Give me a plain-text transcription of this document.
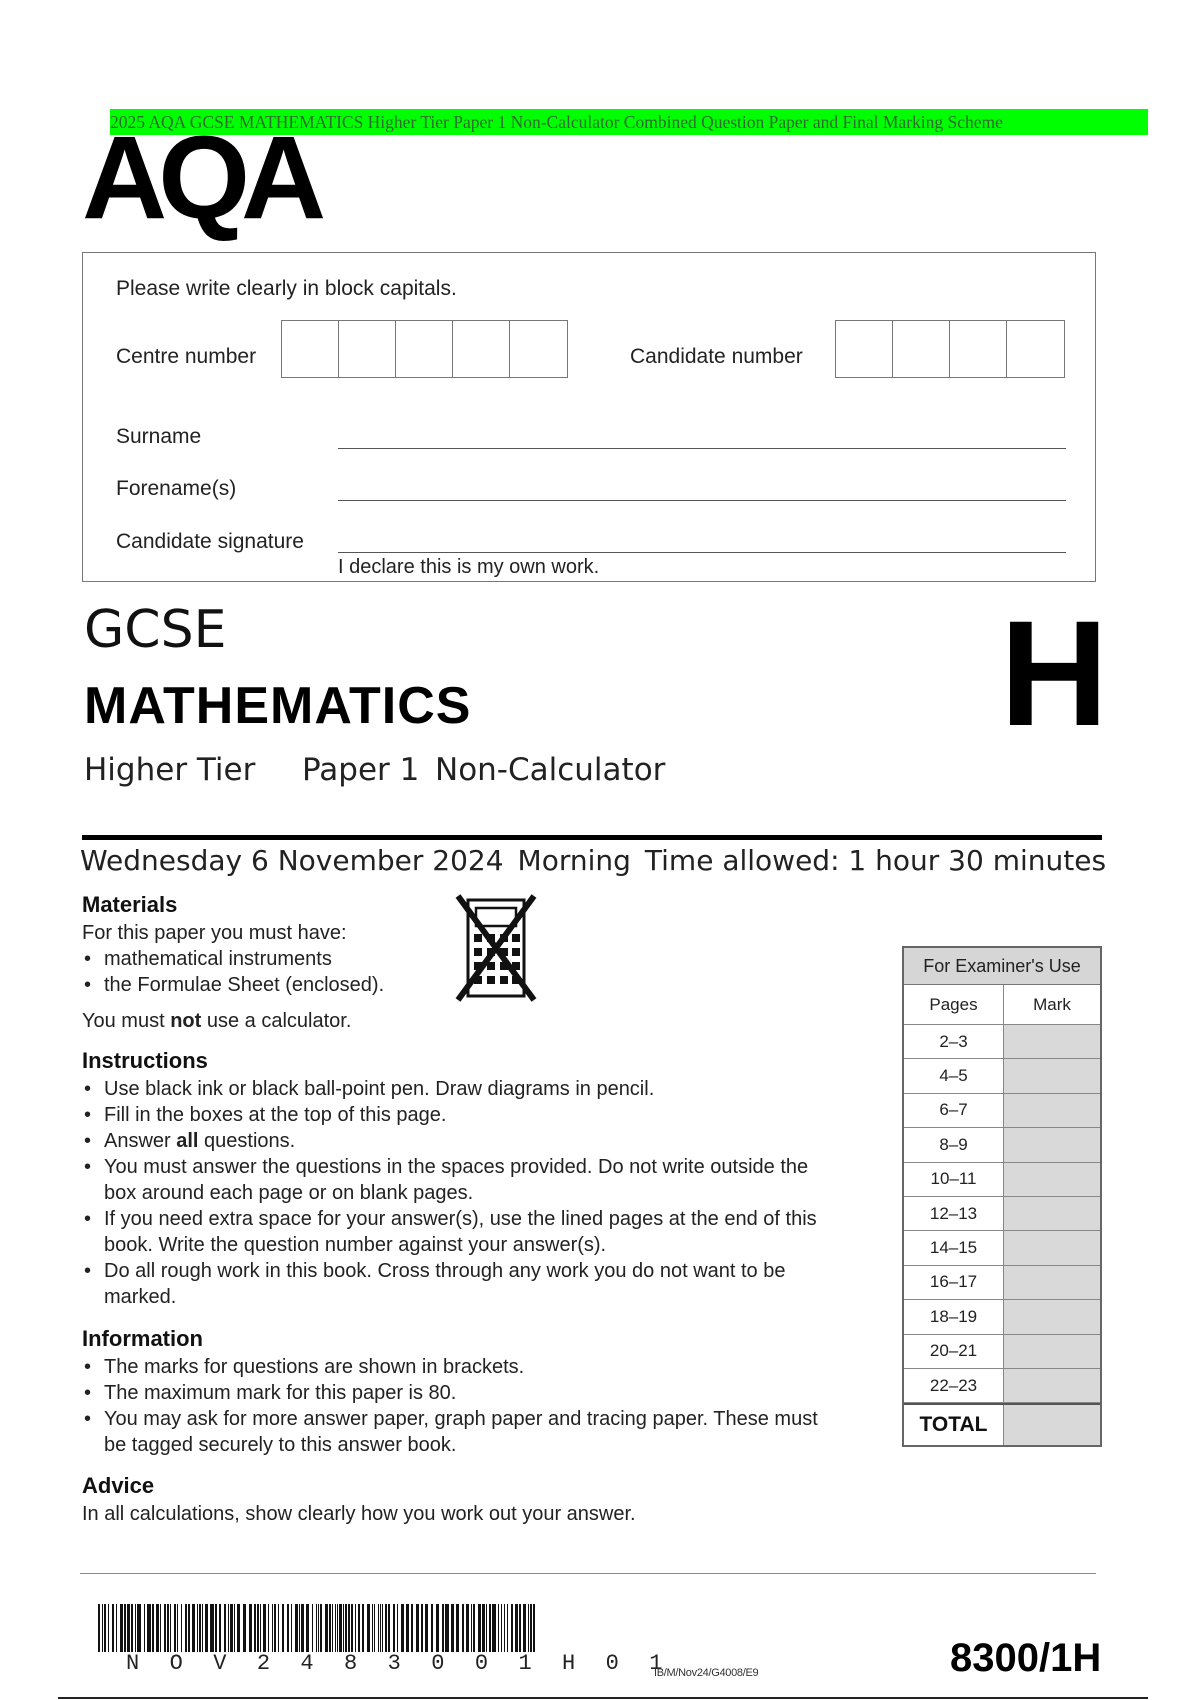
2025 AQA GCSE MATHEMATICS Higher Tier Paper 1 Non-Calculator Combined Question Paper and Final Marking Scheme
AQA
Please write clearly in block capitals.
Centre number	Candidate number
Surname
Forename(s)
Candidate signature
I declare this is my own work.
GCSE
MATHEMATICS	H
Higher Tier Paper 1 Non-Calculator
Wednesday 6 November 2024 Morning Time allowed: 1 hour 30 minutes
Materials
For this paper you must have:
• mathematical instruments
• the Formulae Sheet (enclosed).
You must not use a calculator.
Instructions
• Use black ink or black ball-point pen. Draw diagrams in pencil.
• Fill in the boxes at the top of this page.
• Answer all questions.
• You must answer the questions in the spaces provided. Do not write outside the box around each page or on blank pages.
• If you need extra space for your answer(s), use the lined pages at the end of this book. Write the question number against your answer(s).
• Do all rough work in this book. Cross through any work you do not want to be marked.
Information
• The marks for questions are shown in brackets.
• The maximum mark for this paper is 80.
• You may ask for more answer paper, graph paper and tracing paper. These must be tagged securely to this answer book.
Advice
In all calculations, show clearly how you work out your answer.
For Examiner's Use
Pages	Mark
2–3
4–5
6–7
8–9
10–11
12–13
14–15
16–17
18–19
20–21
22–23
TOTAL
N O V 2 4 8 3 0 0 1 H 0 1
IB/M/Nov24/G4008/E9	8300/1H
